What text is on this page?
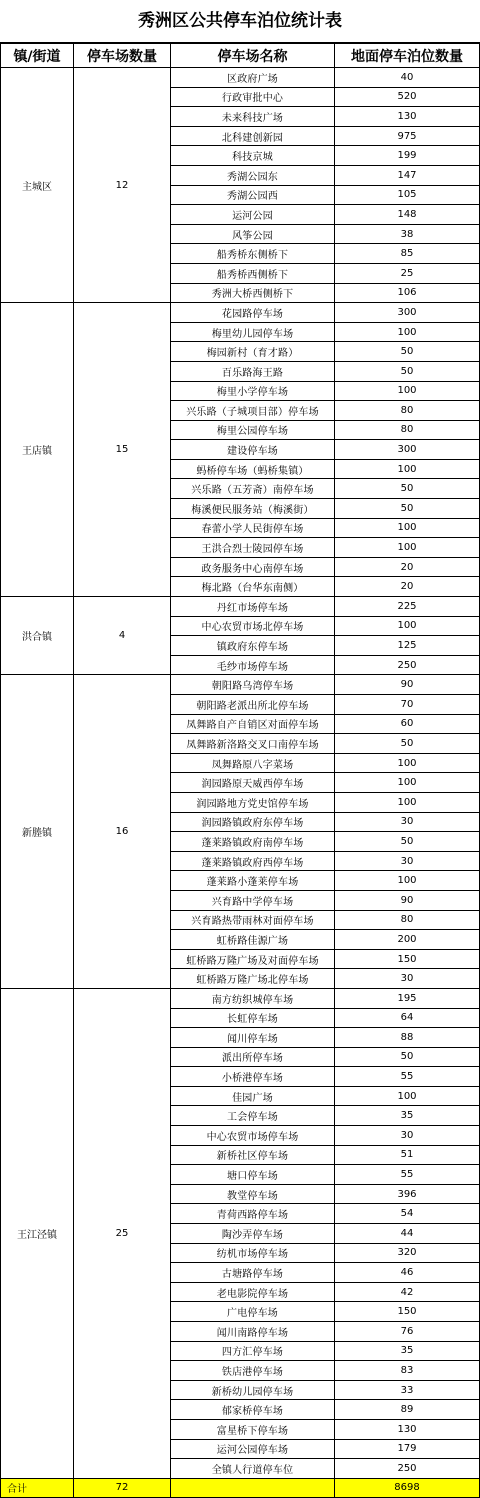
秀洲区公共停车泊位统计表
镇/街道	停车场数量	停车场名称	地面停车泊位数量
主城区	12	区政府广场	40
		行政审批中心	520
		未来科技广场	130
		北科建创新园	975
		科技京城	199
		秀湖公园东	147
		秀湖公园西	105
		运河公园	148
		风筝公园	38
		船秀桥东侧桥下	85
		船秀桥西侧桥下	25
		秀洲大桥西侧桥下	106
王店镇	15	花园路停车场	300
		梅里幼儿园停车场	100
		梅园新村（育才路）	50
		百乐路海王路	50
		梅里小学停车场	100
		兴乐路（子城项目部）停车场	80
		梅里公园停车场	80
		建设停车场	300
		蚂桥停车场（蚂桥集镇）	100
		兴乐路（五芳斋）南停车场	50
		梅溪便民服务站（梅溪街）	50
		春蕾小学人民街停车场	100
		王洪合烈士陵园停车场	100
		政务服务中心南停车场	20
		梅北路（台华东南侧）	20
洪合镇	4	丹红市场停车场	225
		中心农贸市场北停车场	100
		镇政府东停车场	125
		毛纱市场停车场	250
新塍镇	16	朝阳路乌湾停车场	90
		朝阳路老派出所北停车场	70
		凤舞路自产自销区对面停车场	60
		凤舞路新洛路交叉口南停车场	50
		凤舞路原八字菜场	100
		润园路原天威西停车场	100
		润园路地方党史馆停车场	100
		润园路镇政府东停车场	30
		蓬莱路镇政府南停车场	50
		蓬莱路镇政府西停车场	30
		蓬莱路小蓬莱停车场	100
		兴育路中学停车场	90
		兴育路热带雨林对面停车场	80
		虹桥路佳源广场	200
		虹桥路万隆广场及对面停车场	150
		虹桥路万隆广场北停车场	30
王江泾镇	25	南方纺织城停车场	195
		长虹停车场	64
		闻川停车场	88
		派出所停车场	50
		小桥港停车场	55
		佳园广场	100
		工会停车场	35
		中心农贸市场停车场	30
		新桥社区停车场	51
		塘口停车场	55
		教堂停车场	396
		青荷西路停车场	54
		陶沙弄停车场	44
		纺机市场停车场	320
		古塘路停车场	46
		老电影院停车场	42
		广电停车场	150
		闻川南路停车场	76
		四方汇停车场	35
		铁店港停车场	83
		新桥幼儿园停车场	33
		郁家桥停车场	89
		富星桥下停车场	130
		运河公园停车场	179
		全镇人行道停车位	250
合计	72		8698
